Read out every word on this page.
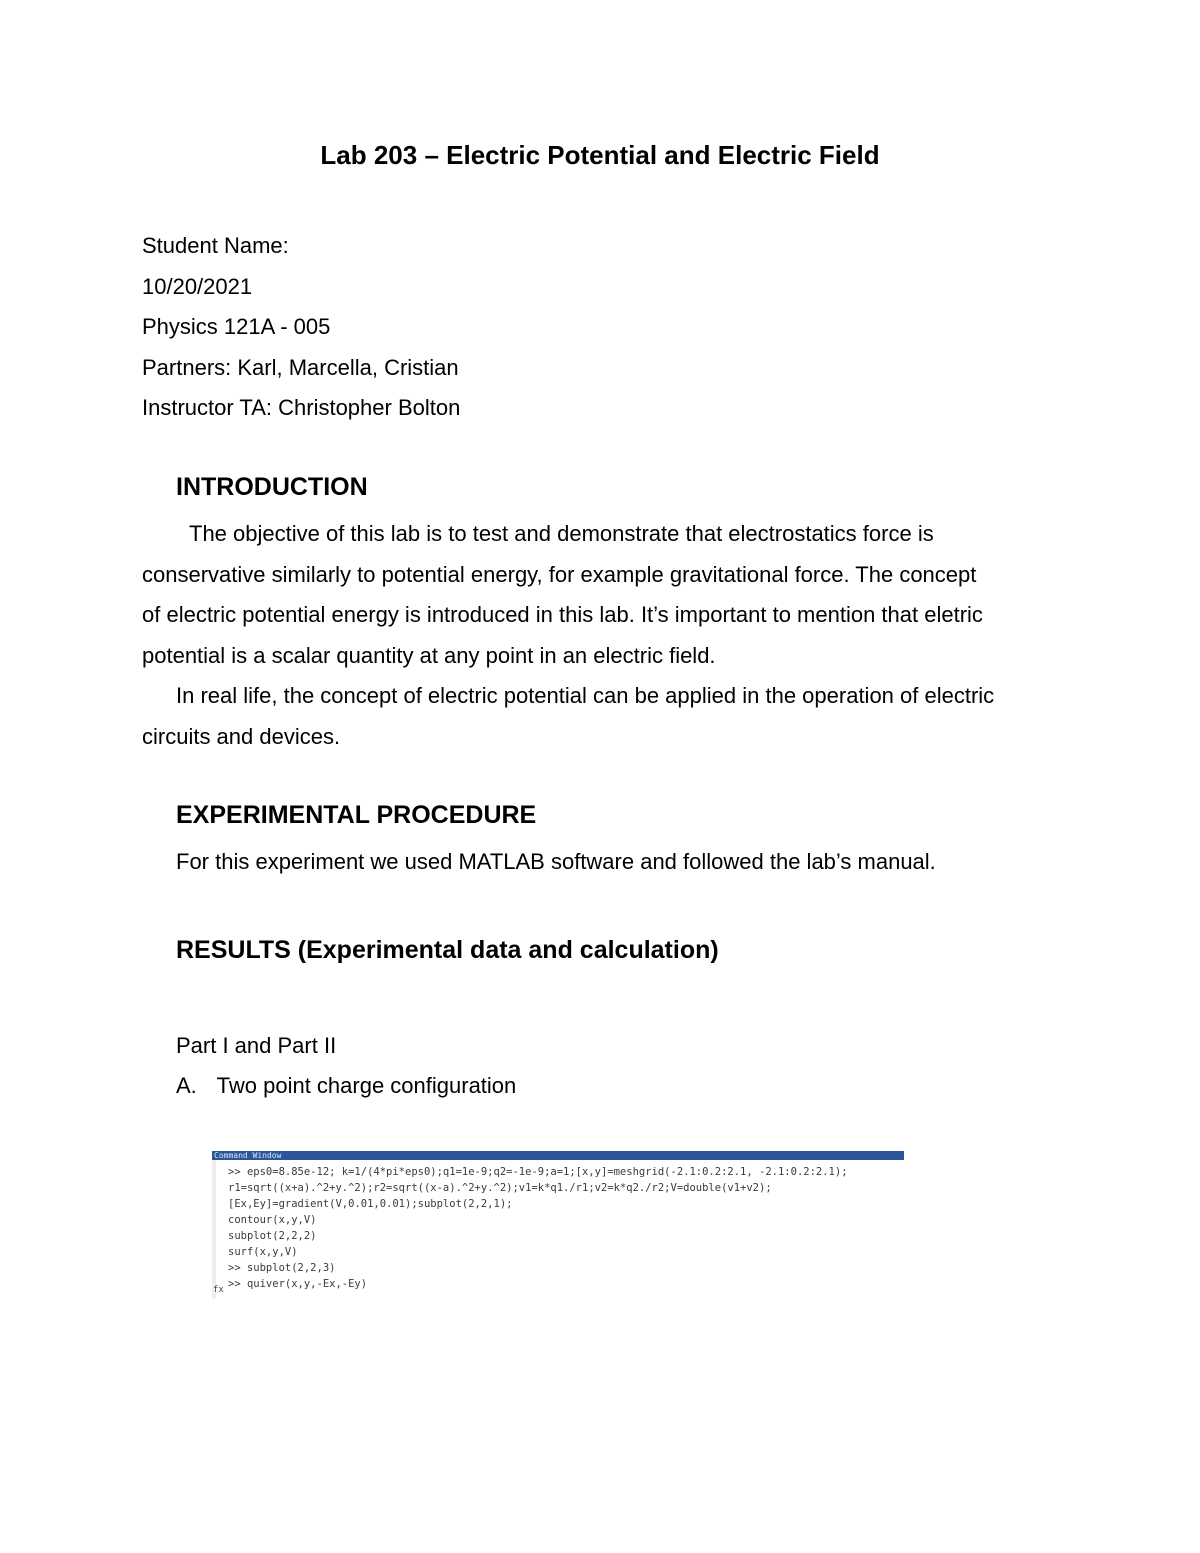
Lab 203 – Electric Potential and Electric Field
Student Name:
10/20/2021
Physics 121A - 005
Partners: Karl, Marcella, Cristian
Instructor TA: Christopher Bolton
INTRODUCTION
The objective of this lab is to test and demonstrate that electrostatics force is
conservative similarly to potential energy, for example gravitational force. The concept
of electric potential energy is introduced in this lab. It’s important to mention that eletric
potential is a scalar quantity at any point in an electric field.
In real life, the concept of electric potential can be applied in the operation of electric
circuits and devices.
EXPERIMENTAL PROCEDURE
For this experiment we used MATLAB software and followed the lab’s manual.
RESULTS (Experimental data and calculation)
Part I and Part II
A. Two point charge configuration
Command Window
>> eps0=8.85e-12; k=1/(4*pi*eps0);q1=1e-9;q2=-1e-9;a=1;[x,y]=meshgrid(-2.1:0.2:2.1, -2.1:0.2:2.1);
r1=sqrt((x+a).^2+y.^2);r2=sqrt((x-a).^2+y.^2);v1=k*q1./r1;v2=k*q2./r2;V=double(v1+v2);
[Ex,Ey]=gradient(V,0.01,0.01);subplot(2,2,1);
contour(x,y,V)
subplot(2,2,2)
surf(x,y,V)
>> subplot(2,2,3)
>> quiver(x,y,-Ex,-Ey)
fx
